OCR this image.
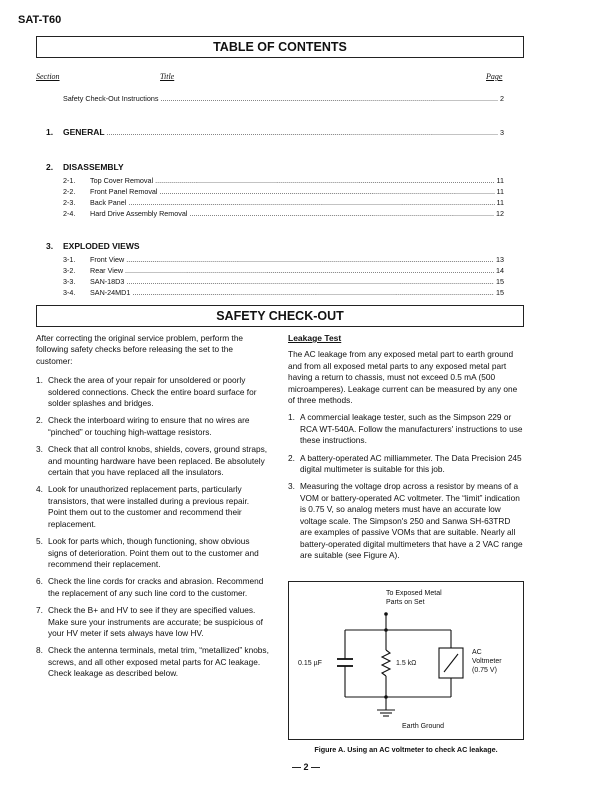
SAT-T60
TABLE OF CONTENTS
Section	Title	Page
Safety Check-Out Instructions .....	2
1. GENERAL .....	3
2. DISASSEMBLY
2-1.	Top Cover Removal .....	11
2-2.	Front Panel Removal .....	11
2-3.	Back Panel .....	11
2-4.	Hard Drive Assembly Removal .....	12
3. EXPLODED VIEWS
3-1.	Front View .....	13
3-2.	Rear View .....	14
3-3.	SAN-18D3 .....	15
3-4.	SAN-24MD1 .....	15
SAFETY CHECK-OUT
After correcting the original service problem, perform the following safety checks before releasing the set to the customer:
1. Check the area of your repair for unsoldered or poorly soldered connections. Check the entire board surface for solder splashes and bridges.
2. Check the interboard wiring to ensure that no wires are “pinched” or touching high-wattage resistors.
3. Check that all control knobs, shields, covers, ground straps, and mounting hardware have been replaced. Be absolutely certain that you have replaced all the insulators.
4. Look for unauthorized replacement parts, particularly transistors, that were installed during a previous repair. Point them out to the customer and recommend their replacement.
5. Look for parts which, though functioning, show obvious signs of deterioration. Point them out to the customer and recommend their replacement.
6. Check the line cords for cracks and abrasion. Recommend the replacement of any such line cord to the customer.
7. Check the B+ and HV to see if they are specified values. Make sure your instruments are accurate; be suspicious of your HV meter if sets always have low HV.
8. Check the antenna terminals, metal trim, “metallized” knobs, screws, and all other exposed metal parts for AC leakage. Check leakage as described below.
Leakage Test
The AC leakage from any exposed metal part to earth ground and from all exposed metal parts to any exposed metal part having a return to chassis, must not exceed 0.5 mA (500 microamperes). Leakage current can be measured by any one of three methods.
1. A commercial leakage tester, such as the Simpson 229 or RCA WT-540A. Follow the manufacturers' instructions to use these instructions.
2. A battery-operated AC milliammeter. The Data Precision 245 digital multimeter is suitable for this job.
3. Measuring the voltage drop across a resistor by means of a VOM or battery-operated AC voltmeter. The “limit” indication is 0.75 V, so analog meters must have an accurate low voltage scale. The Simpson's 250 and Sanwa SH-63TRD are examples of passive VOMs that are suitable. Nearly all battery-operated digital multimeters that have a 2 VAC range are suitable (see Figure A).
To Exposed Metal
Parts on Set
0.15 µF	1.5 kΩ
AC
Voltmeter
(0.75 V)
Earth Ground
Figure A. Using an AC voltmeter to check AC leakage.
— 2 —
